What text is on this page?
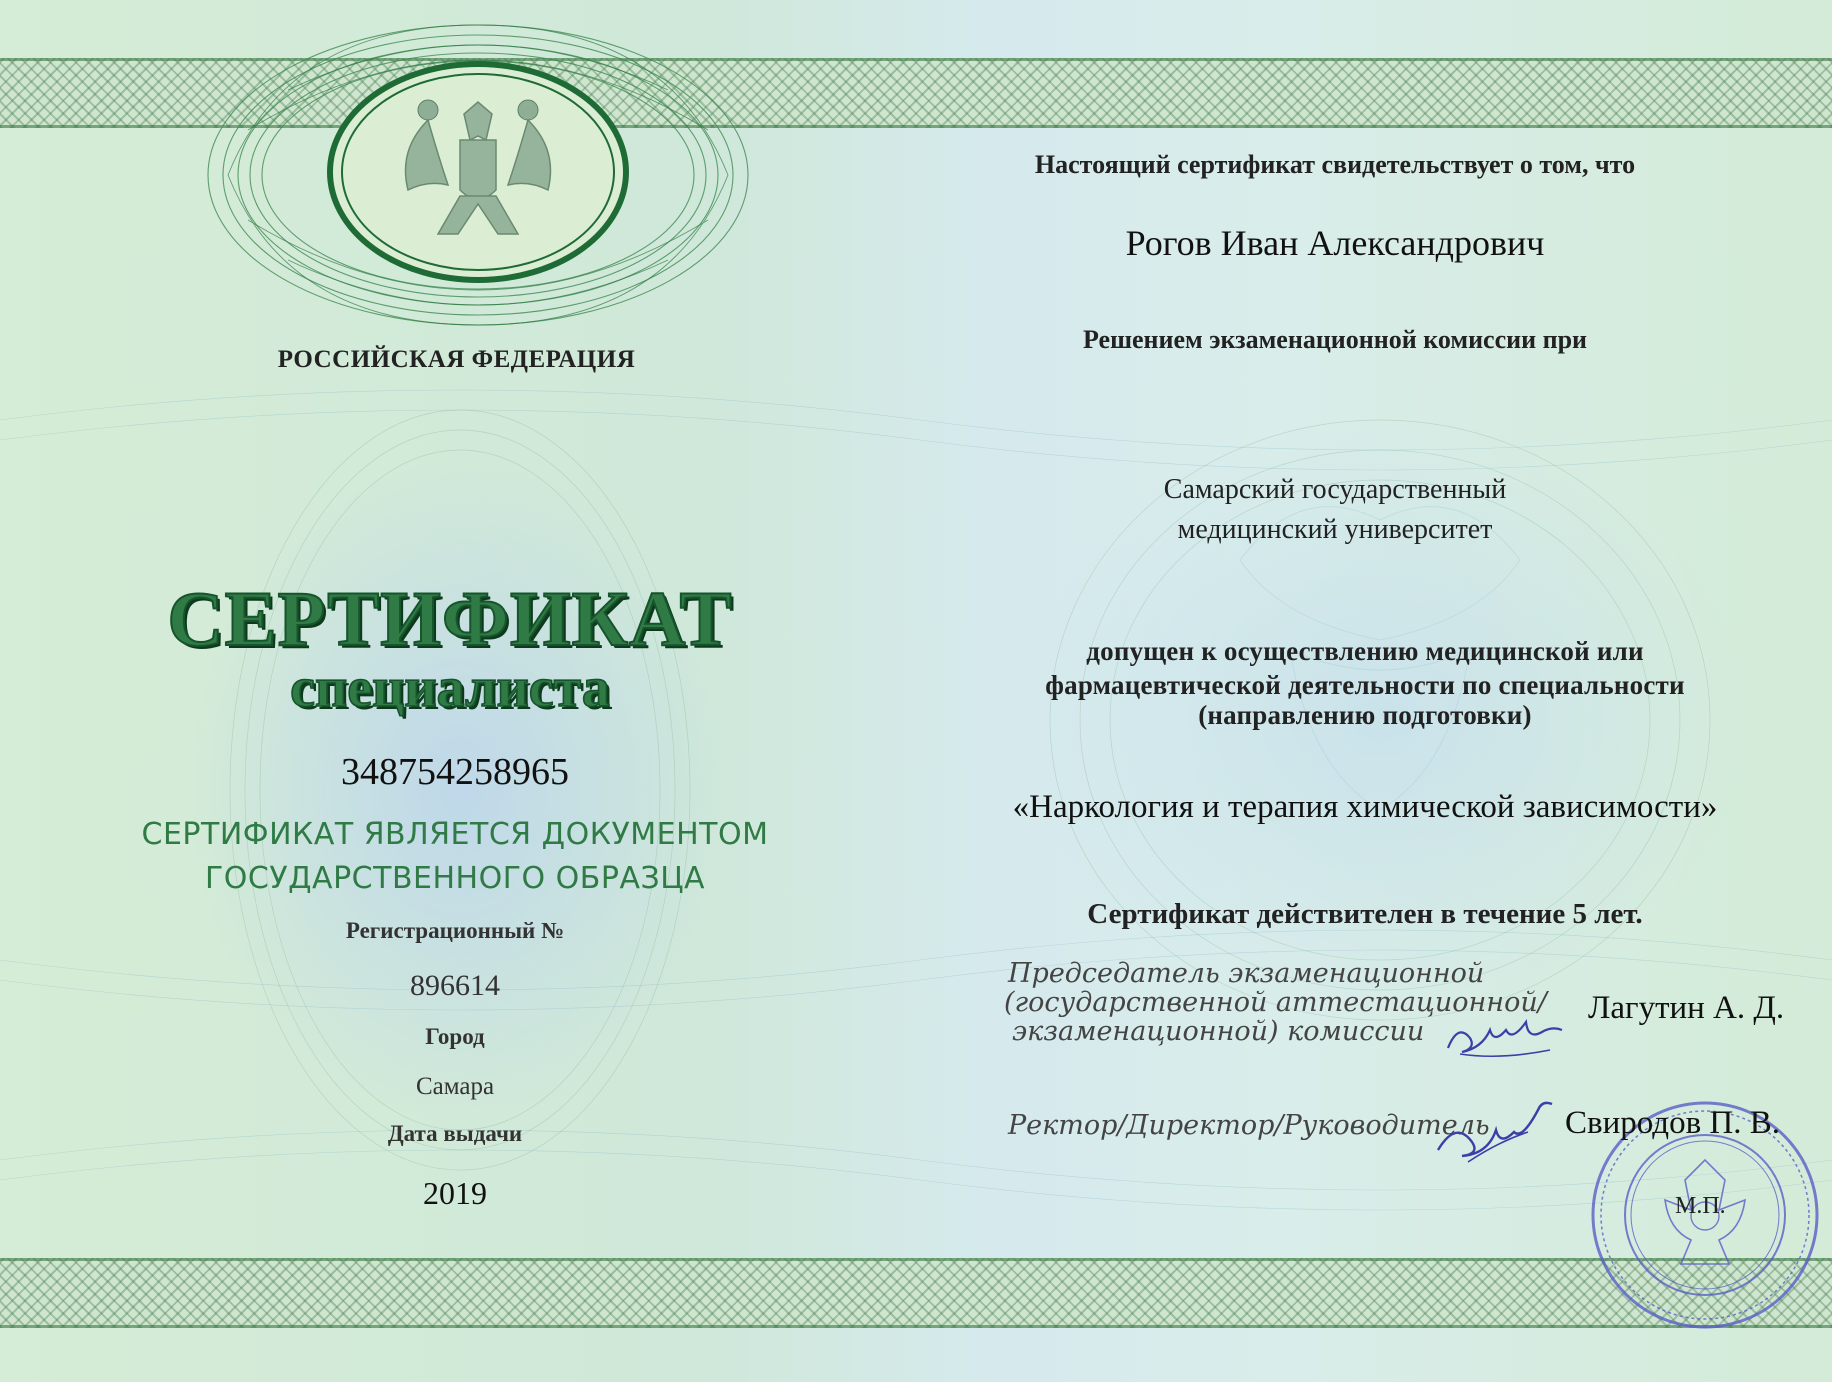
РОССИЙСКАЯ ФЕДЕРАЦИЯ
СЕРТИФИКАТ
специалиста
348754258965
СЕРТИФИКАТ ЯВЛЯЕТСЯ ДОКУМЕНТОМ
ГОСУДАРСТВЕННОГО ОБРАЗЦА
Регистрационный №
896614
Город
Самара
Дата выдачи
2019
Настоящий сертификат свидетельствует о том, что
Рогов Иван Александрович
Решением экзаменационной комиссии при
Самарский государственный
медицинский университет
допущен к осуществлению медицинской или
фармацевтической деятельности по специальности
(направлению подготовки)
«Наркология и терапия химической зависимости»
Сертификат действителен в течение 5 лет.
Председатель экзаменационной
(государственной аттестационной/
экзаменационной) комиссии
Лагутин А. Д.
Ректор/Директор/Руководитель Свиродов П. В.
М.П.
